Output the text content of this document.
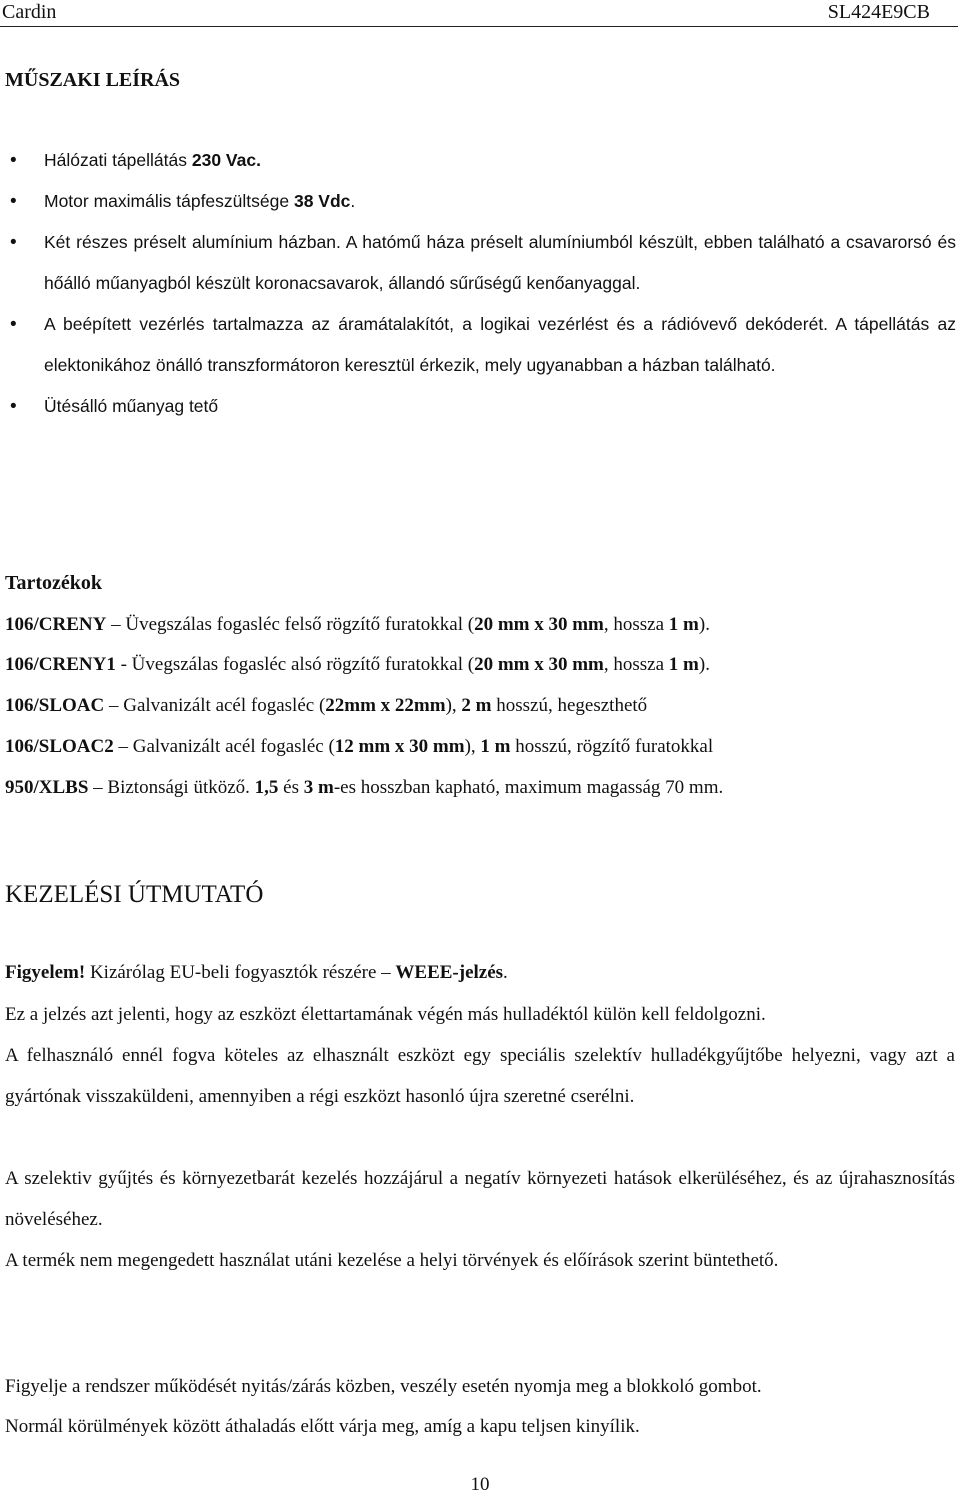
Cardin	SL424E9CB
MŰSZAKI LEÍRÁS
• Hálózati tápellátás 230 Vac.
• Motor maximális tápfeszültsége 38 Vdc.
• Két részes préselt alumínium házban. A hatómű háza préselt alumíniumból készült, ebben található a csavarorsó és hőálló műanyagból készült koronacsavarok, állandó sűrűségű kenőanyaggal.
• A beépített vezérlés tartalmazza az áramátalakítót, a logikai vezérlést és a rádióvevő dekóderét. A tápellátás az elektonikához önálló transzformátoron keresztül érkezik, mely ugyanabban a házban található.
• Ütésálló műanyag tető
Tartozékok
106/CRENY – Üvegszálas fogasléc felső rögzítő furatokkal (20 mm x 30 mm, hossza 1 m).
106/CRENY1 - Üvegszálas fogasléc alsó rögzítő furatokkal (20 mm x 30 mm, hossza 1 m).
106/SLOAC – Galvanizált acél fogasléc (22mm x 22mm), 2 m hosszú, hegeszthető
106/SLOAC2 – Galvanizált acél fogasléc (12 mm x 30 mm), 1 m hosszú, rögzítő furatokkal
950/XLBS – Biztonsági ütköző. 1,5 és 3 m-es hosszban kapható, maximum magasság 70 mm.
KEZELÉSI ÚTMUTATÓ
Figyelem! Kizárólag EU-beli fogyasztók részére – WEEE-jelzés.
Ez a jelzés azt jelenti, hogy az eszközt élettartamának végén más hulladéktól külön kell feldolgozni.
A felhasználó ennél fogva köteles az elhasznált eszközt egy speciális szelektív hulladékgyűjtőbe helyezni, vagy azt a gyártónak visszaküldeni, amennyiben a régi eszközt hasonló újra szeretné cserélni.
A szelektiv gyűjtés és környezetbarát kezelés hozzájárul a negatív környezeti hatások elkerüléséhez, és az újrahasznosítás növeléséhez.
A termék nem megengedett használat utáni kezelése a helyi törvények és előírások szerint büntethető.
Figyelje a rendszer működését nyitás/zárás közben, veszély esetén nyomja meg a blokkoló gombot.
Normál körülmények között áthaladás előtt várja meg, amíg a kapu teljsen kinyílik.
10
